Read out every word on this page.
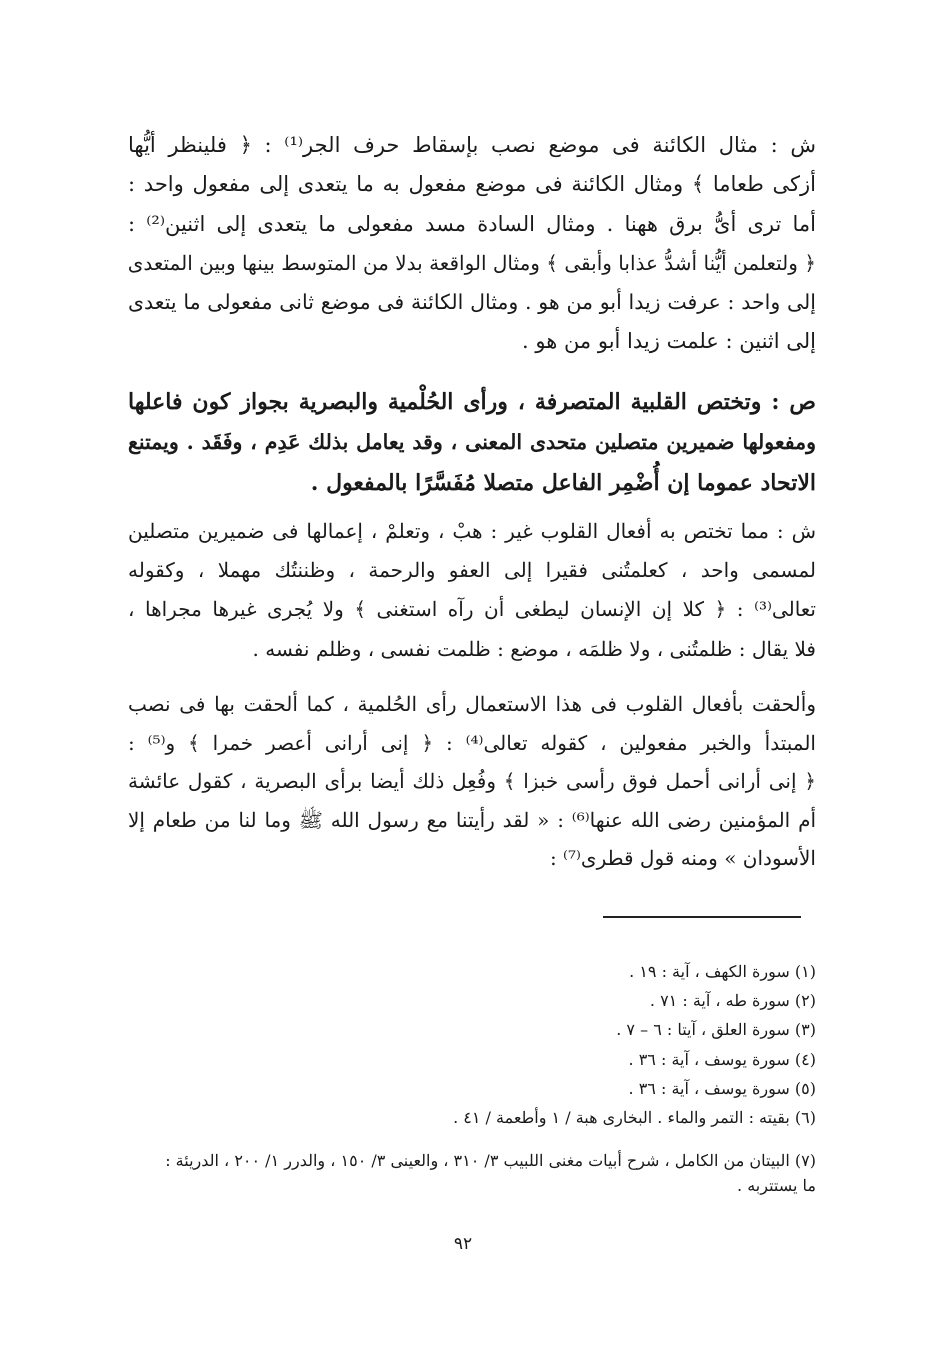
ش : مثال الكائنة فى موضع نصب بإسقاط حرف الجر⁽¹⁾ : ﴿ فلينظر أيُّها
أزكى طعاما ﴾ ومثال الكائنة فى موضع مفعول به ما يتعدى إلى مفعول واحد :
أما ترى أىُّ برق ههنا . ومثال السادة مسد مفعولى ما يتعدى إلى اثنين⁽²⁾ :
﴿ ولتعلمن أيُّنا أشدُّ عذابا وأبقى ﴾ ومثال الواقعة بدلا من المتوسط بينها وبين المتعدى
إلى واحد : عرفت زيدا أبو من هو . ومثال الكائنة فى موضع ثانى مفعولى ما يتعدى
إلى اثنين : علمت زيدا أبو من هو .
ص : وتختص القلبية المتصرفة ، ورأى الحُلْمية والبصرية بجواز كون فاعلها
ومفعولها ضميرين متصلين متحدى المعنى ، وقد يعامل بذلك عَدِم ، وفَقَد . ويمتنع
الاتحاد عموما إن أُضْمِر الفاعل متصلا مُفَسَّرًا بالمفعول .
ش : مما تختص به أفعال القلوب غير : هبْ ، وتعلمْ ، إعمالها فى ضميرين متصلين
لمسمى واحد ، كعلمتُنى فقيرا إلى العفو والرحمة ، وظننتُك مهملا ، وكقوله
تعالى⁽³⁾ : ﴿ كلا إن الإنسان ليطغى أن رآه استغنى ﴾ ولا يُجرى غيرها مجراها ،
فلا يقال : ظلمتُنى ، ولا ظلمَه ، موضع : ظلمت نفسى ، وظلم نفسه .
وألحقت بأفعال القلوب فى هذا الاستعمال رأى الحُلمية ، كما ألحقت بها فى نصب
المبتدأ والخبر مفعولين ، كقوله تعالى⁽⁴⁾ : ﴿ إنى أرانى أعصر خمرا ﴾ و⁽⁵⁾ :
﴿ إنى أرانى أحمل فوق رأسى خبزا ﴾ وفُعِل ذلك أيضا برأى البصرية ، كقول عائشة
أم المؤمنين رضى الله عنها⁽⁶⁾ : « لقد رأيتنا مع رسول الله ﷺ وما لنا من طعام إلا
الأسودان » ومنه قول قطرى⁽⁷⁾ :
(١) سورة الكهف ، آية : ١٩ .
(٢) سورة طه ، آية : ٧١ .
(٣) سورة العلق ، آيتا : ٦ – ٧ .
(٤) سورة يوسف ، آية : ٣٦ .
(٥) سورة يوسف ، آية : ٣٦ .
(٦) بقيته : التمر والماء . البخارى هبة / ١ وأطعمة / ٤١ .
(٧) البيتان من الكامل ، شرح أبيات مغنى اللبيب ٣/ ٣١٠ ، والعينى ٣/ ١٥٠ ، والدرر ١/ ٢٠٠ ، الدريئة :
ما يستتربه .
٩٢
